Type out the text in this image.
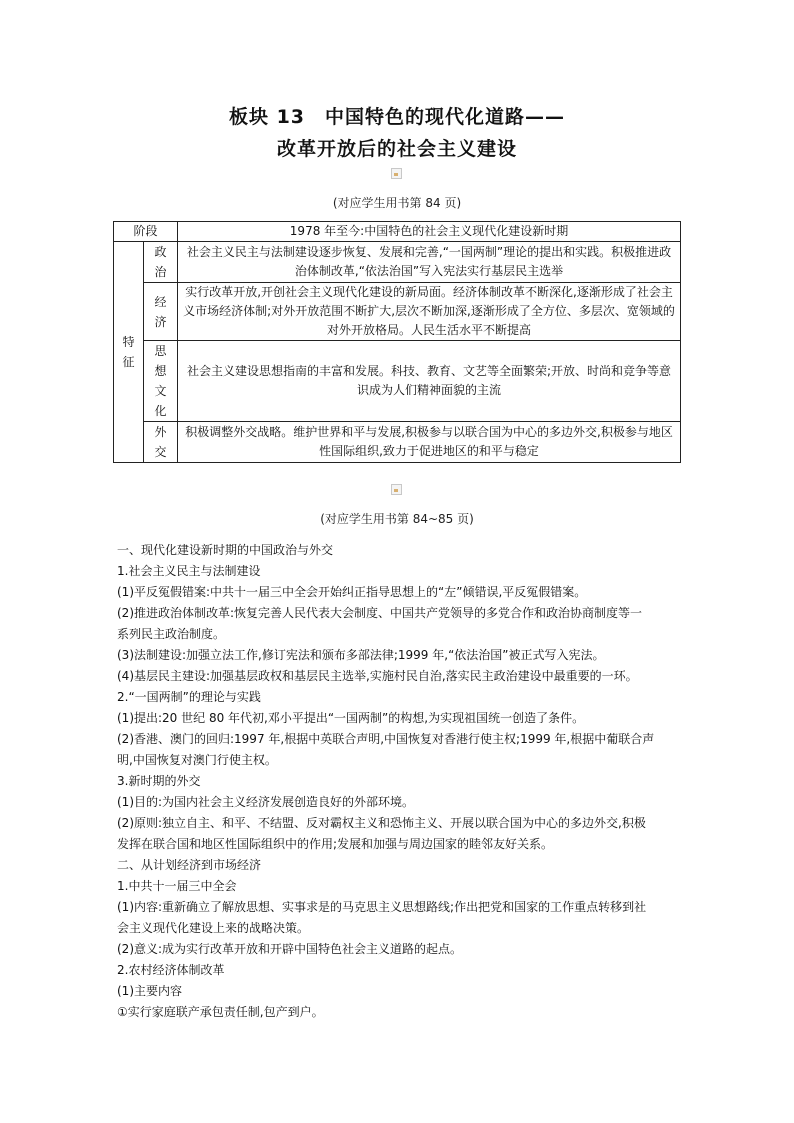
板块 13　中国特色的现代化道路——
改革开放后的社会主义建设
(对应学生用书第 84 页)
阶段		1978 年至今:中国特色的社会主义现代化建设新时期
特征	政治	社会主义民主与法制建设逐步恢复、发展和完善,“一国两制”理论的提出和实践。积极推进政治体制改革,“依法治国”写入宪法实行基层民主选举
	经济	实行改革开放,开创社会主义现代化建设的新局面。经济体制改革不断深化,逐渐形成了社会主义市场经济体制;对外开放范围不断扩大,层次不断加深,逐渐形成了全方位、多层次、宽领域的对外开放格局。人民生活水平不断提高
	思想文化	社会主义建设思想指南的丰富和发展。科技、教育、文艺等全面繁荣;开放、时尚和竞争等意识成为人们精神面貌的主流
	外交	积极调整外交战略。维护世界和平与发展,积极参与以联合国为中心的多边外交,积极参与地区性国际组织,致力于促进地区的和平与稳定
(对应学生用书第 84~85 页)

一、现代化建设新时期的中国政治与外交

1.社会主义民主与法制建设

(1)平反冤假错案:中共十一届三中全会开始纠正指导思想上的“左”倾错误,平反冤假错案。

(2)推进政治体制改革:恢复完善人民代表大会制度、中国共产党领导的多党合作和政治协商制度等一

系列民主政治制度。

(3)法制建设:加强立法工作,修订宪法和颁布多部法律;1999 年,“依法治国”被正式写入宪法。

(4)基层民主建设:加强基层政权和基层民主选举,实施村民自治,落实民主政治建设中最重要的一环。

2.“一国两制”的理论与实践

(1)提出:20 世纪 80 年代初,邓小平提出“一国两制”的构想,为实现祖国统一创造了条件。

(2)香港、澳门的回归:1997 年,根据中英联合声明,中国恢复对香港行使主权;1999 年,根据中葡联合声

明,中国恢复对澳门行使主权。

3.新时期的外交

(1)目的:为国内社会主义经济发展创造良好的外部环境。

(2)原则:独立自主、和平、不结盟、反对霸权主义和恐怖主义、开展以联合国为中心的多边外交,积极

发挥在联合国和地区性国际组织中的作用;发展和加强与周边国家的睦邻友好关系。

二、从计划经济到市场经济

1.中共十一届三中全会

(1)内容:重新确立了解放思想、实事求是的马克思主义思想路线;作出把党和国家的工作重点转移到社

会主义现代化建设上来的战略决策。

(2)意义:成为实行改革开放和开辟中国特色社会主义道路的起点。

2.农村经济体制改革

(1)主要内容

①实行家庭联产承包责任制,包产到户。
